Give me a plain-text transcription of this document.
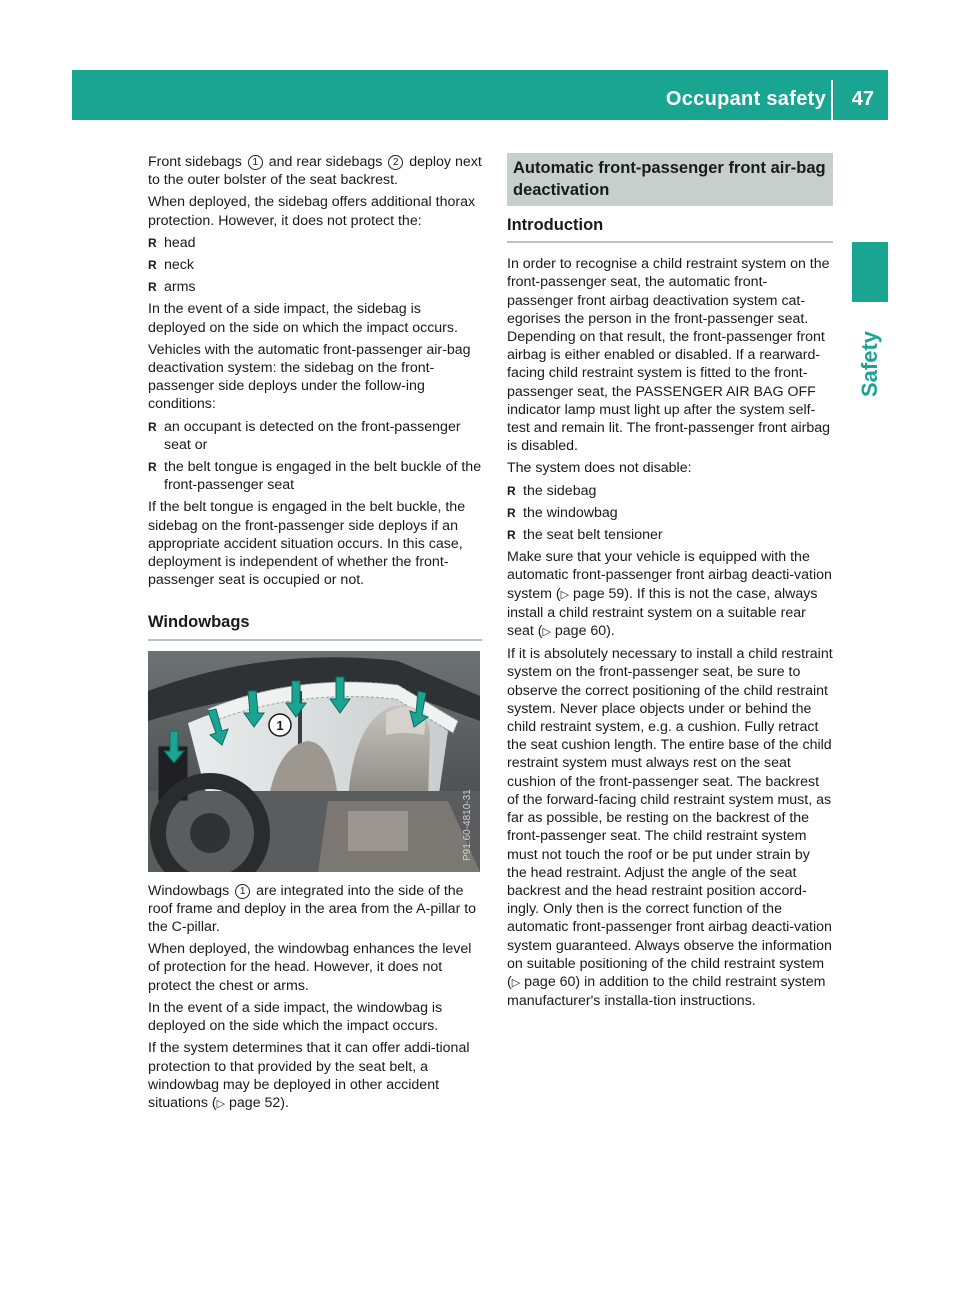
Occupant safety 47
Safety

Front sidebags 1 and rear sidebags 2 deploy next to the outer bolster of the seat backrest.

When deployed, the sidebag offers additional thorax protection. However, it does not protect the:

R head
R neck
R arms

In the event of a side impact, the sidebag is deployed on the side on which the impact occurs.

Vehicles with the automatic front-passenger air-bag deactivation system: the sidebag on the front-passenger side deploys under the follow-ing conditions:

R an occupant is detected on the front-passenger seat or
R the belt tongue is engaged in the belt buckle of the front-passenger seat

If the belt tongue is engaged in the belt buckle, the sidebag on the front-passenger side deploys if an appropriate accident situation occurs. In this case, deployment is independent of whether the front-passenger seat is occupied or not.

Windowbags
1
P91.60-4810-31

Windowbags 1 are integrated into the side of the roof frame and deploy in the area from the A-pillar to the C-pillar.

When deployed, the windowbag enhances the level of protection for the head. However, it does not protect the chest or arms.

In the event of a side impact, the windowbag is deployed on the side which the impact occurs.

If the system determines that it can offer addi-tional protection to that provided by the seat belt, a windowbag may be deployed in other accident situations (▷ page 52).

Automatic front-passenger front air-bag deactivation
Introduction

In order to recognise a child restraint system on the front-passenger seat, the automatic front-passenger front airbag deactivation system cat-egorises the person in the front-passenger seat. Depending on that result, the front-passenger front airbag is either enabled or disabled. If a rearward-facing child restraint system is fitted to the front-passenger seat, the PASSENGER AIR BAG OFF indicator lamp must light up after the system self-test and remain lit. The front-passenger front airbag is disabled.

The system does not disable:

R the sidebag
R the windowbag
R the seat belt tensioner

Make sure that your vehicle is equipped with the automatic front-passenger front airbag deacti-vation system (▷ page 59). If this is not the case, always install a child restraint system on a suitable rear seat (▷ page 60).

If it is absolutely necessary to install a child restraint system on the front-passenger seat, be sure to observe the correct positioning of the child restraint system. Never place objects under or behind the child restraint system, e.g. a cushion. Fully retract the seat cushion length. The entire base of the child restraint system must always rest on the seat cushion of the front-passenger seat. The backrest of the forward-facing child restraint system must, as far as possible, be resting on the backrest of the front-passenger seat. The child restraint system must not touch the roof or be put under strain by the head restraint. Adjust the angle of the seat backrest and the head restraint position accord-ingly. Only then is the correct function of the automatic front-passenger front airbag deacti-vation system guaranteed. Always observe the information on suitable positioning of the child restraint system (▷ page 60) in addition to the child restraint system manufacturer's installa-tion instructions.
